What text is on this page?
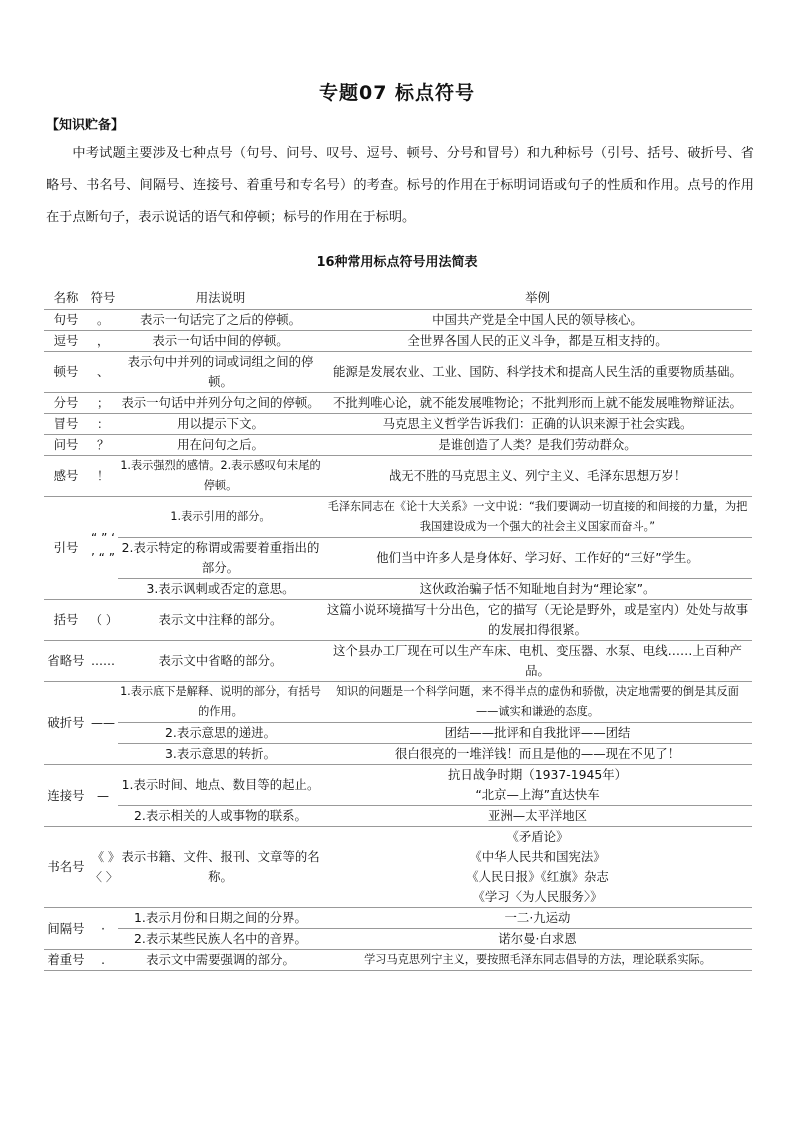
专题07 标点符号
【知识贮备】
中考试题主要涉及七种点号（句号、问号、叹号、逗号、顿号、分号和冒号）和九种标号（引号、括号、破折号、省略号、书名号、间隔号、连接号、着重号和专名号）的考查。标号的作用在于标明词语或句子的性质和作用。点号的作用在于点断句子，表示说话的语气和停顿；标号的作用在于标明。
16种常用标点符号用法简表
名称	符号	用法说明	举例
句号	。	表示一句话完了之后的停顿。	中国共产党是全中国人民的领导核心。
逗号	，	表示一句话中间的停顿。	全世界各国人民的正义斗争，都是互相支持的。
顿号	、	表示句中并列的词或词组之间的停顿。	能源是发展农业、工业、国防、科学技术和提高人民生活的重要物质基础。
分号	；	表示一句话中并列分句之间的停顿。	不批判唯心论，就不能发展唯物论；不批判形而上就不能发展唯物辩证法。
冒号	：	用以提示下文。	马克思主义哲学告诉我们：正确的认识来源于社会实践。
问号	？	用在问句之后。	是谁创造了人类？是我们劳动群众。
感号	！	1.表示强烈的感情。2.表示感叹句末尾的停顿。	战无不胜的马克思主义、列宁主义、毛泽东思想万岁！
引号	“ ” ‘ ’ “ ”	1.表示引用的部分。	毛泽东同志在《论十大关系》一文中说：“我们要调动一切直接的和间接的力量，为把我国建设成为一个强大的社会主义国家而奋斗。”
		2.表示特定的称谓或需要着重指出的部分。	他们当中许多人是身体好、学习好、工作好的“三好”学生。
		3.表示讽刺或否定的意思。	这伙政治骗子恬不知耻地自封为“理论家”。
括号	（ ）	表示文中注释的部分。	这篇小说环境描写十分出色，它的描写（无论是野外，或是室内）处处与故事的发展扣得很紧。
省略号	……	表示文中省略的部分。	这个县办工厂现在可以生产车床、电机、变压器、水泵、电线……上百种产品。
破折号	——	1.表示底下是解释、说明的部分，有括号的作用。	知识的问题是一个科学问题，来不得半点的虚伪和骄傲，决定地需要的倒是其反面——诚实和谦逊的态度。
		2.表示意思的递进。	团结——批评和自我批评——团结
		3.表示意思的转折。	很白很亮的一堆洋钱！而且是他的——现在不见了！
连接号	—	1.表示时间、地点、数目等的起止。	抗日战争时期（1937-1945年）
“北京—上海”直达快车

		2.表示相关的人或事物的联系。	亚洲—太平洋地区
书名号	《 》〈 〉	表示书籍、文件、报刊、文章等的名称。	《矛盾论》
《中华人民共和国宪法》
《人民日报》《红旗》杂志
《学习〈为人民服务〉》

间隔号	·	1.表示月份和日期之间的分界。	一二·九运动
		2.表示某些民族人名中的音界。	诺尔曼·白求恩
着重号	.	表示文中需要强调的部分。	学习马克思列宁主义，要按照毛泽东同志倡导的方法，理论联系实际。
